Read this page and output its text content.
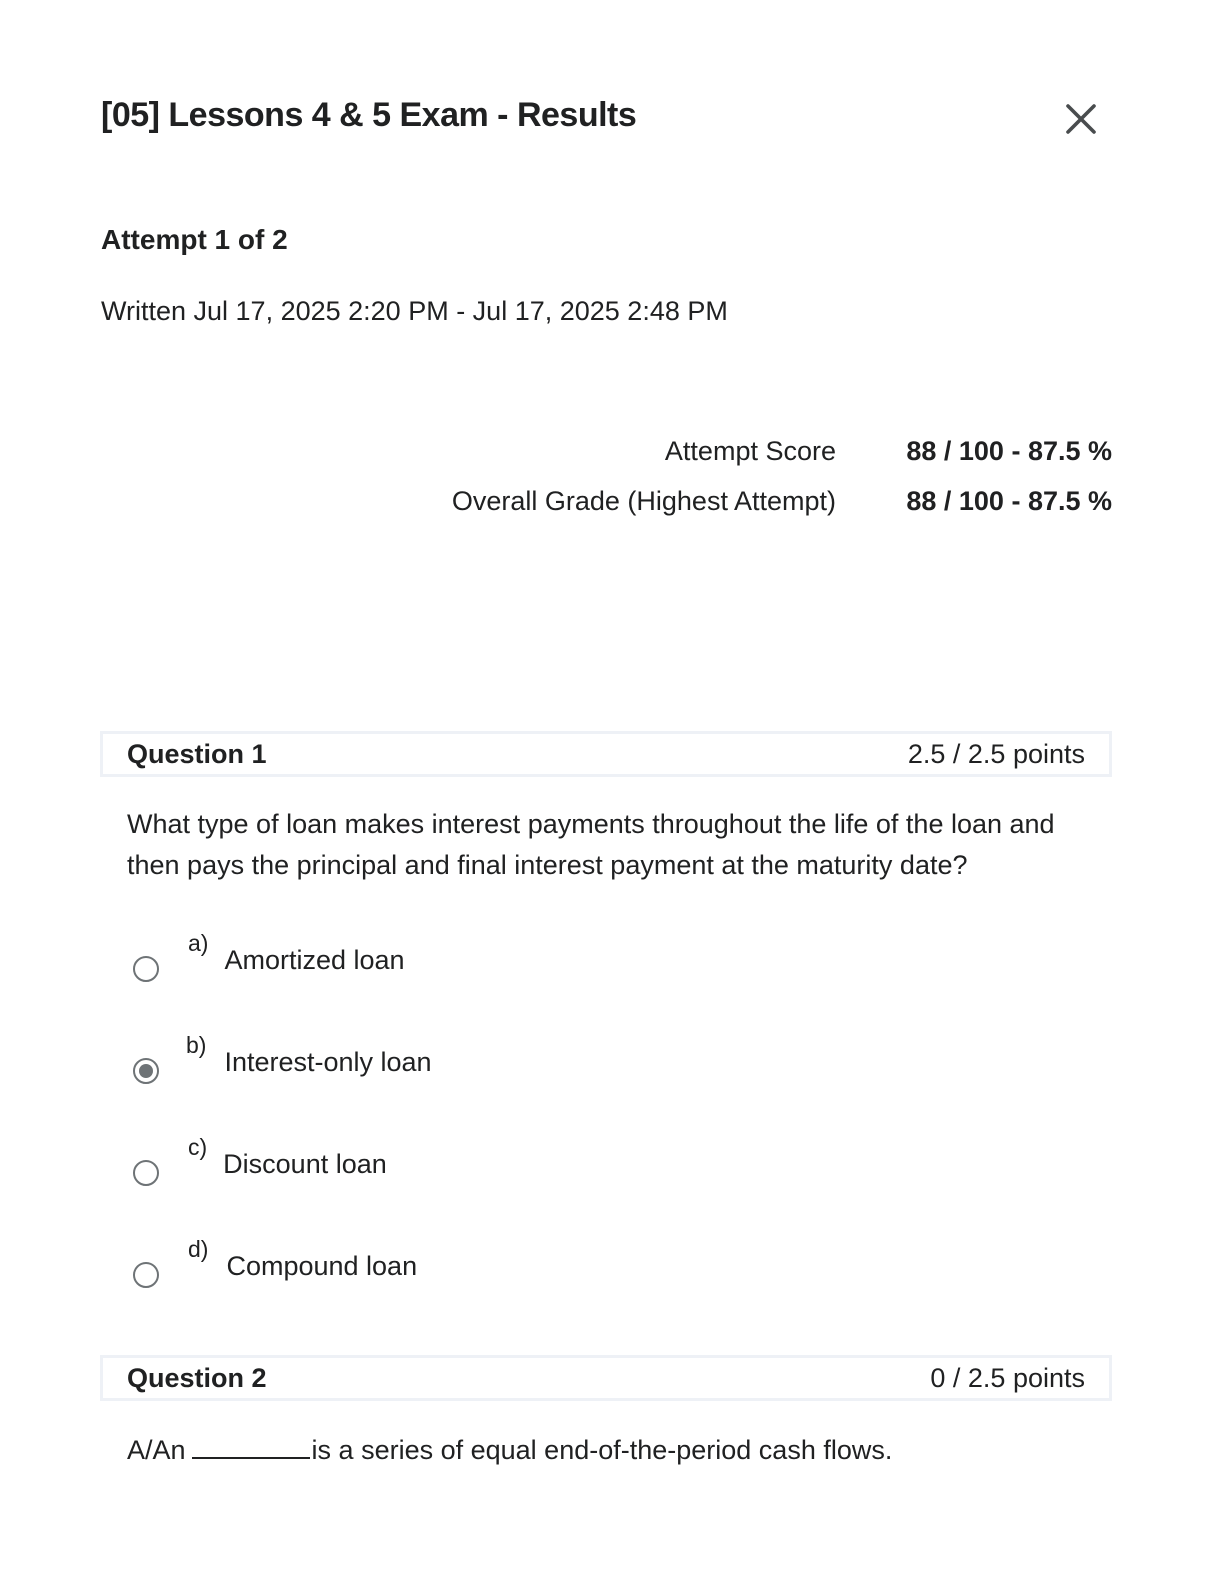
[05] Lessons 4 & 5 Exam - Results
Attempt 1 of 2
Written Jul 17, 2025 2:20 PM - Jul 17, 2025 2:48 PM
Attempt Score	88 / 100 - 87.5 %
Overall Grade (Highest Attempt)	88 / 100 - 87.5 %
Question 1	2.5 / 2.5 points
What type of loan makes interest payments throughout the life of the loan and then pays the principal and final interest payment at the maturity date?
a)
Amortized loan
b)
Interest-only loan
c)
Discount loan
d)
Compound loan
Question 2	0 / 2.5 points
A/An	is a series of equal end-of-the-period cash flows.
